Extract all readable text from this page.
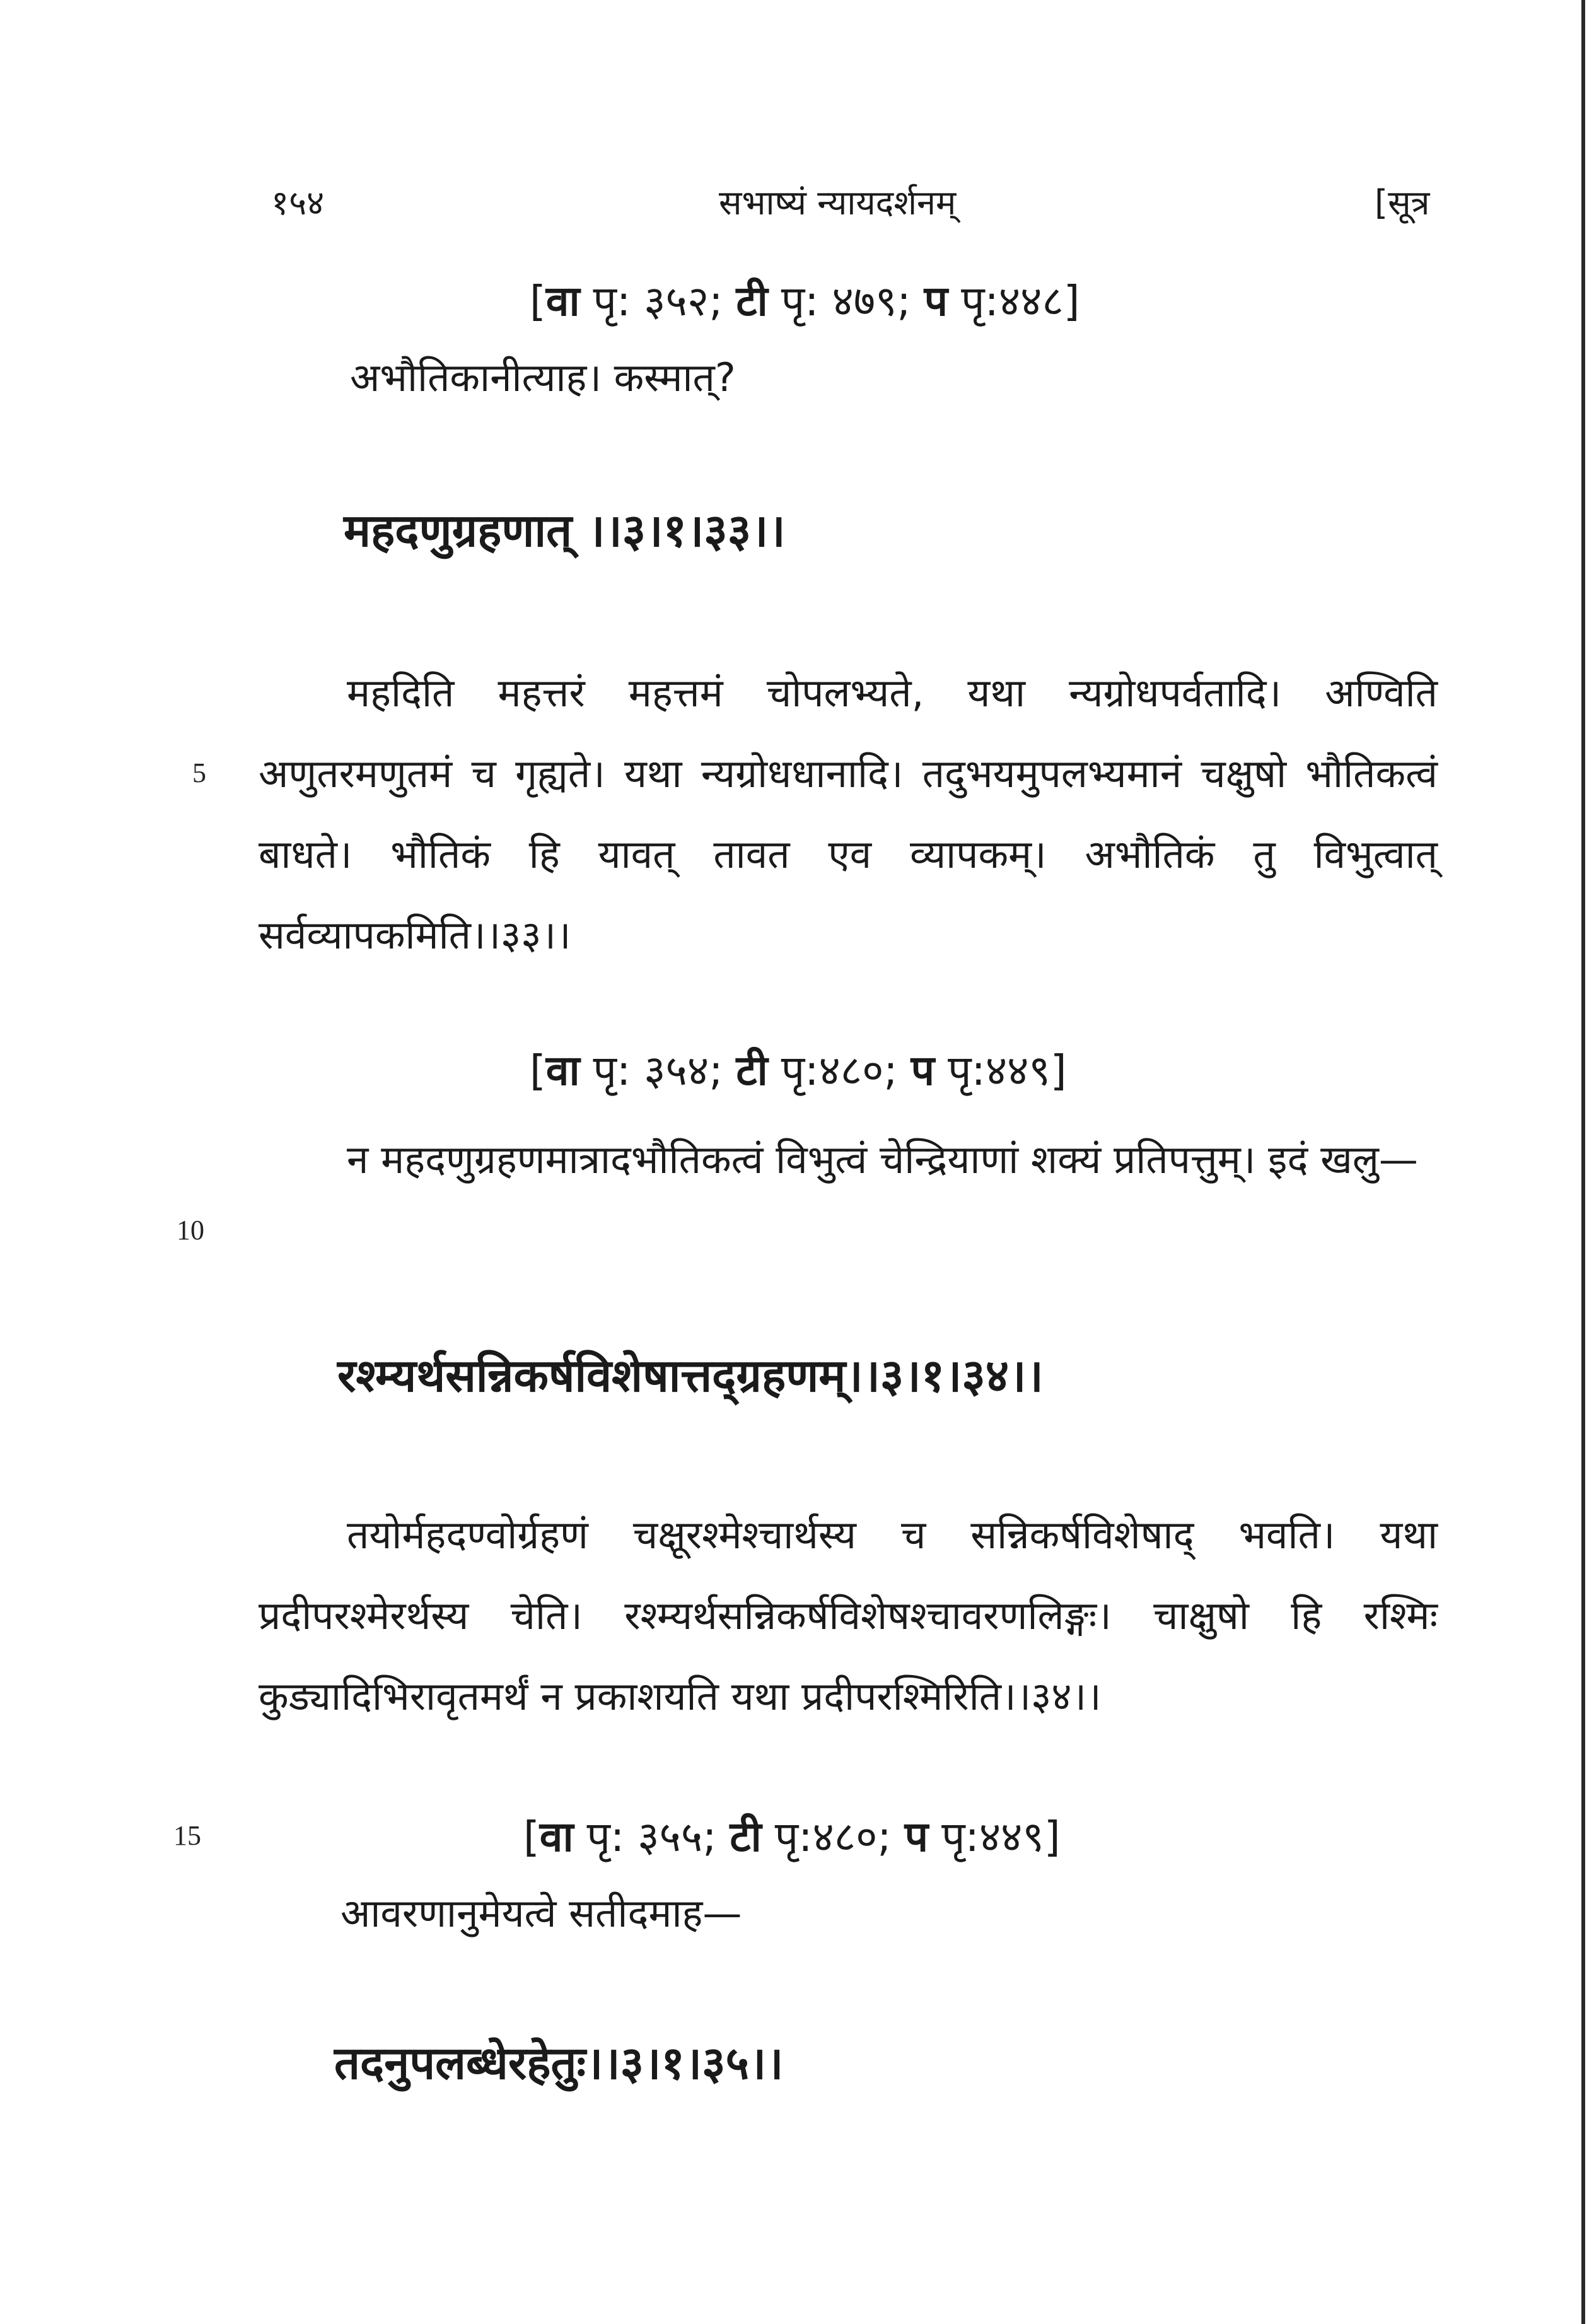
१५४	सभाष्यं न्यायदर्शनम्	[सूत्र
[वा पृ: ३५२; टी पृ: ४७९; प पृ:४४८]
अभौतिकानीत्याह। कस्मात्?
महदणुग्रहणात् ।।३।१।३३।।
महदिति महत्तरं महत्तमं चोपलभ्यते, यथा न्यग्रोधपर्वतादि। अण्विति अणुतरमणुतमं च गृह्यते। यथा न्यग्रोधधानादि। तदुभयमुपलभ्यमानं चक्षुषो भौतिकत्वं बाधते। भौतिकं हि यावत् तावत एव व्यापकम्। अभौतिकं तु विभुत्वात् सर्वव्यापकमिति।।३३।।
5
[वा पृ: ३५४; टी पृ:४८०; प पृ:४४९]
न महदणुग्रहणमात्रादभौतिकत्वं विभुत्वं चेन्द्रियाणां शक्यं प्रतिपत्तुम्। इदं खलु—
10
रश्म्यर्थसन्निकर्षविशेषात्तद्ग्रहणम्।।३।१।३४।।
तयोर्महदण्वोर्ग्रहणं चक्षूरश्मेश्चार्थस्य च सन्निकर्षविशेषाद् भवति। यथा प्रदीपरश्मेरर्थस्य चेति। रश्म्यर्थसन्निकर्षविशेषश्चावरणलिङ्गः। चाक्षुषो हि रश्मिः कुड्यादिभिरावृतमर्थं न प्रकाशयति यथा प्रदीपरश्मिरिति।।३४।।
15	[वा पृ: ३५५; टी पृ:४८०; प पृ:४४९]
आवरणानुमेयत्वे सतीदमाह—
तदनुपलब्धेरहेतुः।।३।१।३५।।
